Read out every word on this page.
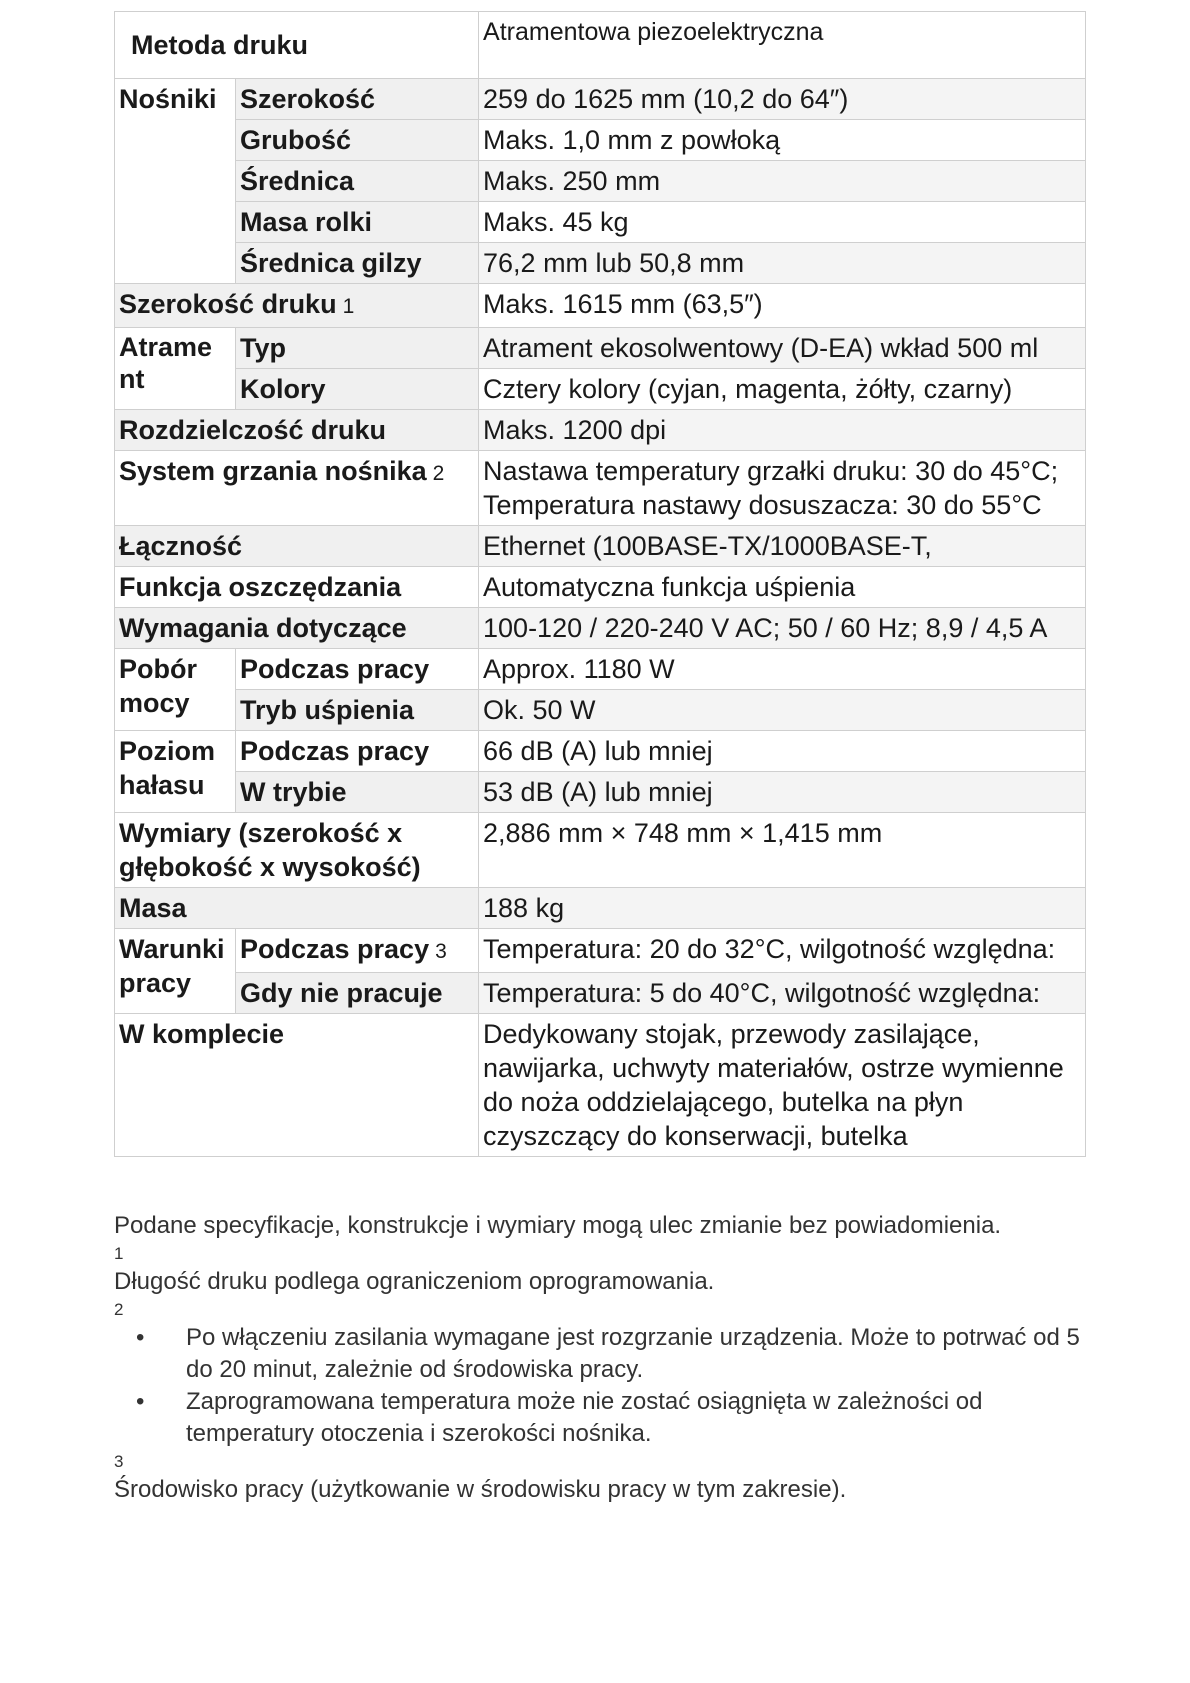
Metoda druku		Atramentowa piezoelektryczna
Nośniki	Szerokość	259 do 1625 mm (10,2 do 64″)
	Grubość	Maks. 1,0 mm z powłoką
	Średnica	Maks. 250 mm
	Masa rolki	Maks. 45 kg
	Średnica gilzy	76,2 mm lub 50,8 mm
Szerokość druku 1		Maks. 1615 mm (63,5″)
Atrame nt	Typ	Atrament ekosolwentowy (D-EA) wkład 500 ml
	Kolory	Cztery kolory (cyjan, magenta, żółty, czarny)
Rozdzielczość druku		Maks. 1200 dpi
System grzania nośnika 2		Nastawa temperatury grzałki druku: 30 do 45°C;
Temperatura nastawy dosuszacza: 30 do 55°C

Łączność		Ethernet (100BASE-TX/1000BASE-T,
Funkcja oszczędzania		Automatyczna funkcja uśpienia
Wymagania dotyczące		100-120 / 220-240 V AC; 50 / 60 Hz; 8,9 / 4,5 A
Pobór mocy	Podczas pracy	Approx. 1180 W
	Tryb uśpienia	Ok. 50 W
Poziom hałasu	Podczas pracy	66 dB (A) lub mniej
	W trybie	53 dB (A) lub mniej
Wymiary (szerokość x głębokość x wysokość)		2,886 mm × 748 mm × 1,415 mm
Masa		188 kg
Warunki pracy	Podczas pracy 3	Temperatura: 20 do 32°C, wilgotność względna:
	Gdy nie pracuje	Temperatura: 5 do 40°C, wilgotność względna:
W komplecie		Dedykowany stojak, przewody zasilające, nawijarka, uchwyty materiałów, ostrze wymienne do noża oddzielającego, butelka na płyn czyszczący do konserwacji, butelka

Podane specyfikacje, konstrukcje i wymiary mogą ulec zmianie bez powiadomienia.

1

Długość druku podlega ograniczeniom oprogramowania.

2

• Po włączeniu zasilania wymagane jest rozgrzanie urządzenia. Może to potrwać od 5 do 20 minut, zależnie od środowiska pracy.
• Zaprogramowana temperatura może nie zostać osiągnięta w zależności od temperatury otoczenia i szerokości nośnika.

3

Środowisko pracy (użytkowanie w środowisku pracy w tym zakresie).
